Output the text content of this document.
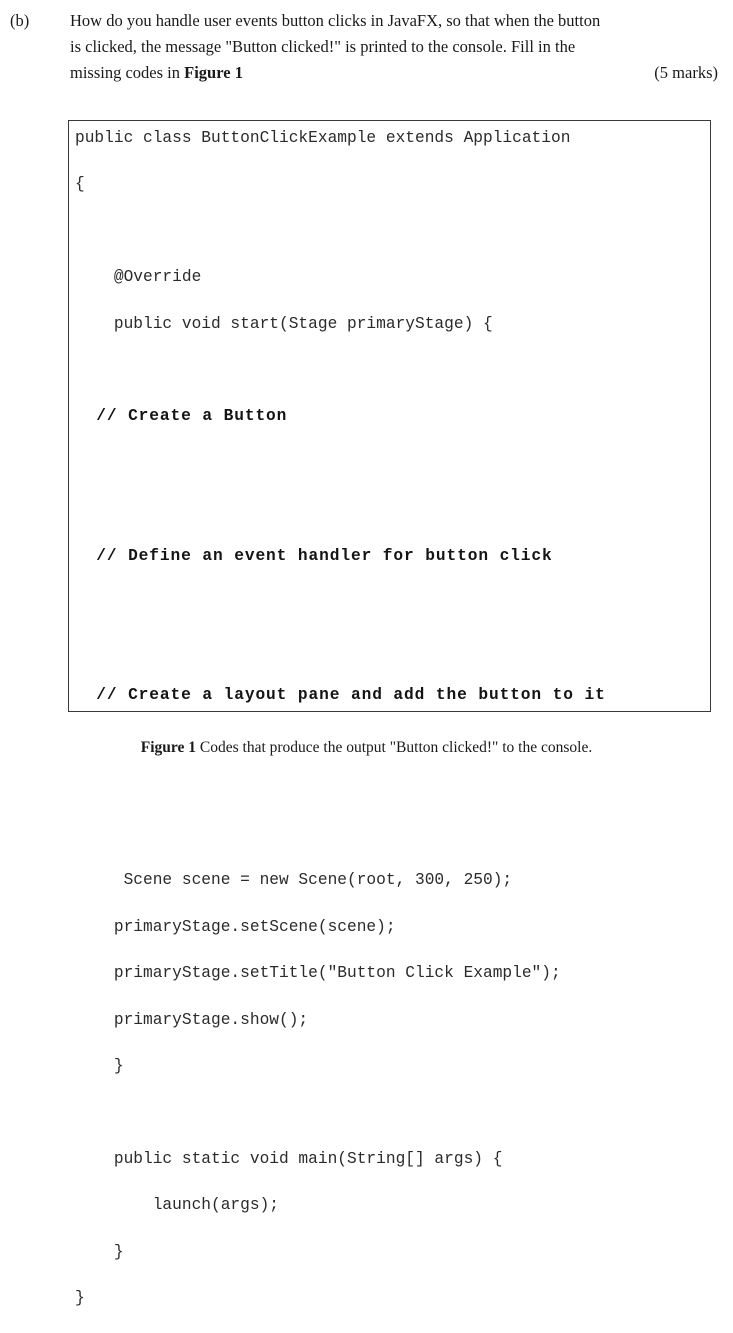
(b)	How do you handle user events button clicks in JavaFX, so that when the button
is clicked, the message "Button clicked!" is printed to the console. Fill in the
missing codes in Figure 1	(5 marks)
public class ButtonClickExample extends Application

{

@Override

public void start(Stage primaryStage) {

// Create a Button

// Define an event handler for button click

// Create a layout pane and add the button to it

Scene scene = new Scene(root, 300, 250);

primaryStage.setScene(scene);

primaryStage.setTitle("Button Click Example");

primaryStage.show();

}

public static void main(String[] args) {

launch(args);

}

}

Figure 1 Codes that produce the output "Button clicked!" to the console.
